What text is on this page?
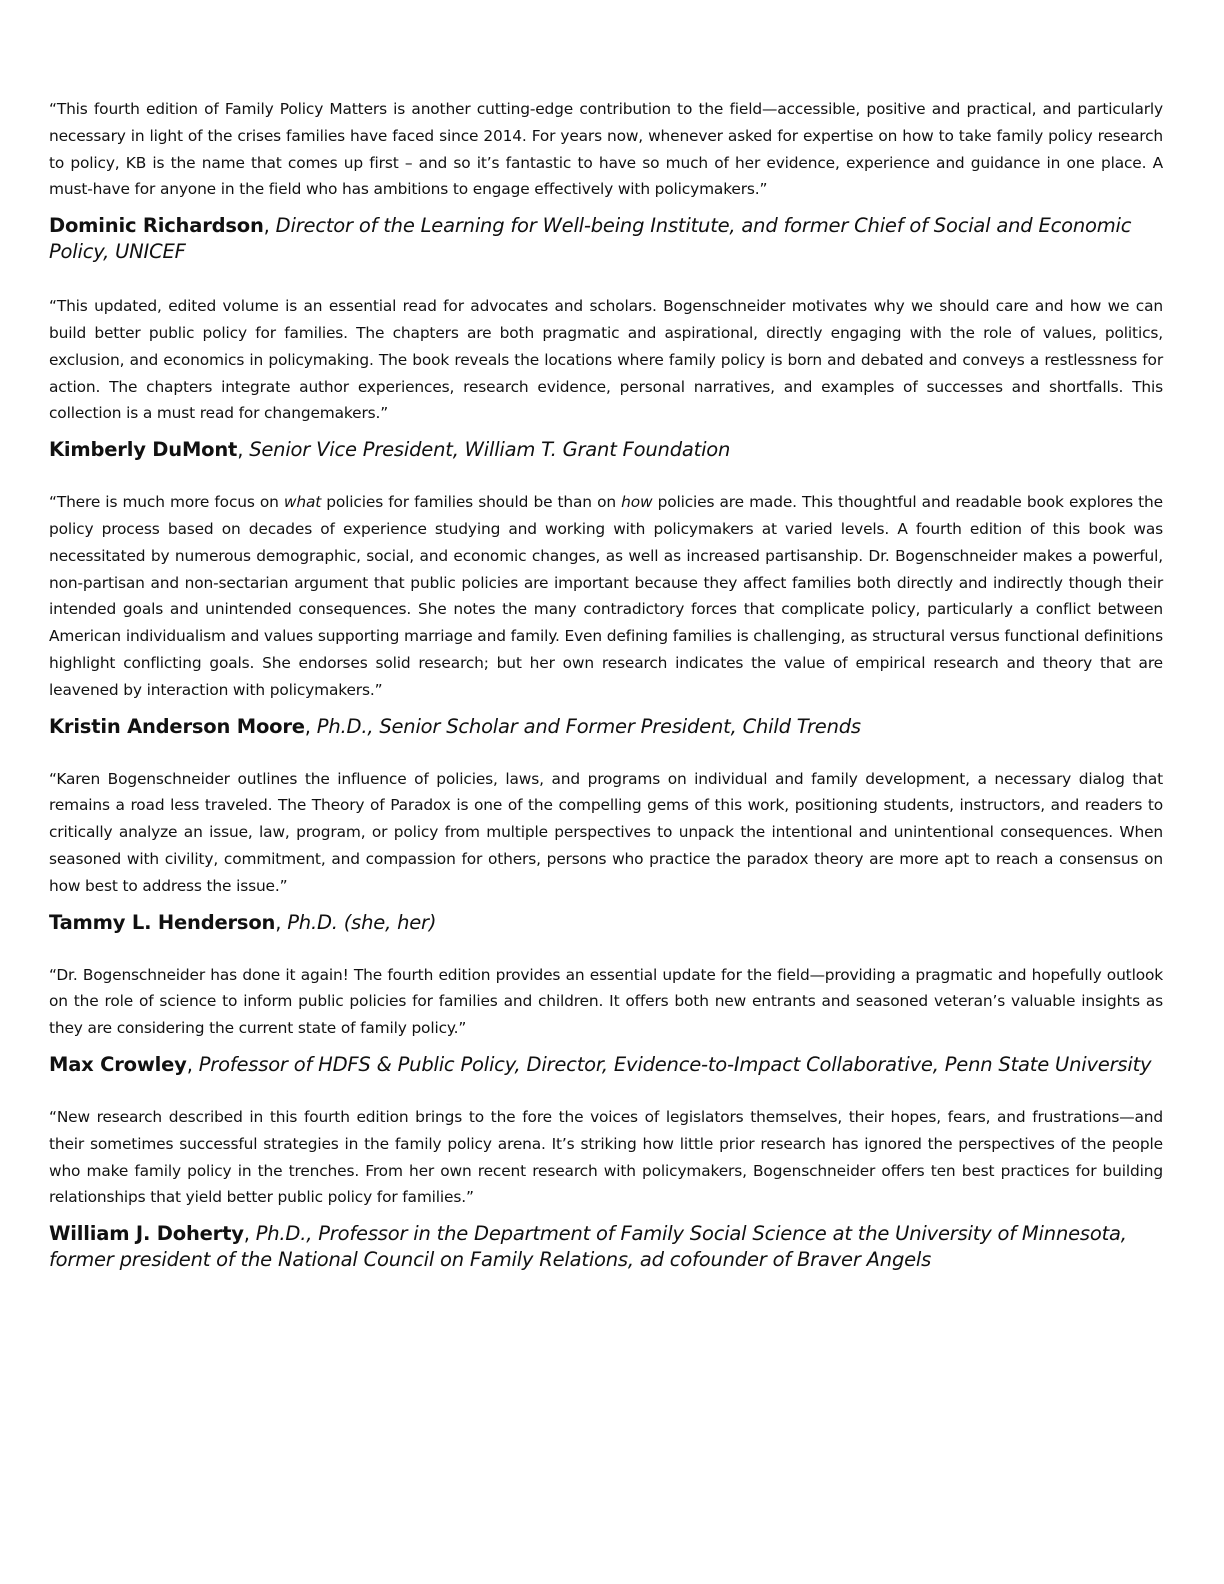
“This fourth edition of Family Policy Matters is another cutting-edge contribution to the field—accessible, positive and practical, and particularly necessary in light of the crises families have faced since 2014. For years now, whenever asked for expertise on how to take family policy research to policy, KB is the name that comes up first – and so it’s fantastic to have so much of her evidence, experience and guidance in one place. A must-have for anyone in the field who has ambitions to engage effectively with policymakers.”

Dominic Richardson, Director of the Learning for Well-being Institute, and former Chief of Social and Economic Policy, UNICEF

“This updated, edited volume is an essential read for advocates and scholars. Bogenschneider motivates why we should care and how we can build better public policy for families. The chapters are both pragmatic and aspirational, directly engaging with the role of values, politics, exclusion, and economics in policymaking. The book reveals the locations where family policy is born and debated and conveys a restlessness for action. The chapters integrate author experiences, research evidence, personal narratives, and examples of successes and shortfalls. This collection is a must read for changemakers.”

Kimberly DuMont, Senior Vice President, William T. Grant Foundation

“There is much more focus on what policies for families should be than on how policies are made. This thoughtful and readable book explores the policy process based on decades of experience studying and working with policymakers at varied levels. A fourth edition of this book was necessitated by numerous demographic, social, and economic changes, as well as increased partisanship. Dr. Bogenschneider makes a powerful, non-partisan and non-sectarian argument that public policies are important because they affect families both directly and indirectly though their intended goals and unintended consequences. She notes the many contradictory forces that complicate policy, particularly a conflict between American individualism and values supporting marriage and family. Even defining families is challenging, as structural versus functional definitions highlight conflicting goals. She endorses solid research; but her own research indicates the value of empirical research and theory that are leavened by interaction with policymakers.”

Kristin Anderson Moore, Ph.D., Senior Scholar and Former President, Child Trends

“Karen Bogenschneider outlines the influence of policies, laws, and programs on individual and family development, a necessary dialog that remains a road less traveled. The Theory of Paradox is one of the compelling gems of this work, positioning students, instructors, and readers to critically analyze an issue, law, program, or policy from multiple perspectives to unpack the intentional and unintentional consequences. When seasoned with civility, commitment, and compassion for others, persons who practice the paradox theory are more apt to reach a consensus on how best to address the issue.”

Tammy L. Henderson, Ph.D. (she, her)

“Dr. Bogenschneider has done it again! The fourth edition provides an essential update for the field—providing a pragmatic and hopefully outlook on the role of science to inform public policies for families and children. It offers both new entrants and seasoned veteran’s valuable insights as they are considering the current state of family policy.”

Max Crowley, Professor of HDFS & Public Policy, Director, Evidence-to-Impact Collaborative, Penn State University

“New research described in this fourth edition brings to the fore the voices of legislators themselves, their hopes, fears, and frustrations—and their sometimes successful strategies in the family policy arena. It’s striking how little prior research has ignored the perspectives of the people who make family policy in the trenches. From her own recent research with policymakers, Bogenschneider offers ten best practices for building relationships that yield better public policy for families.”

William J. Doherty, Ph.D., Professor in the Department of Family Social Science at the University of Minnesota, former president of the National Council on Family Relations, ad cofounder of Braver Angels
